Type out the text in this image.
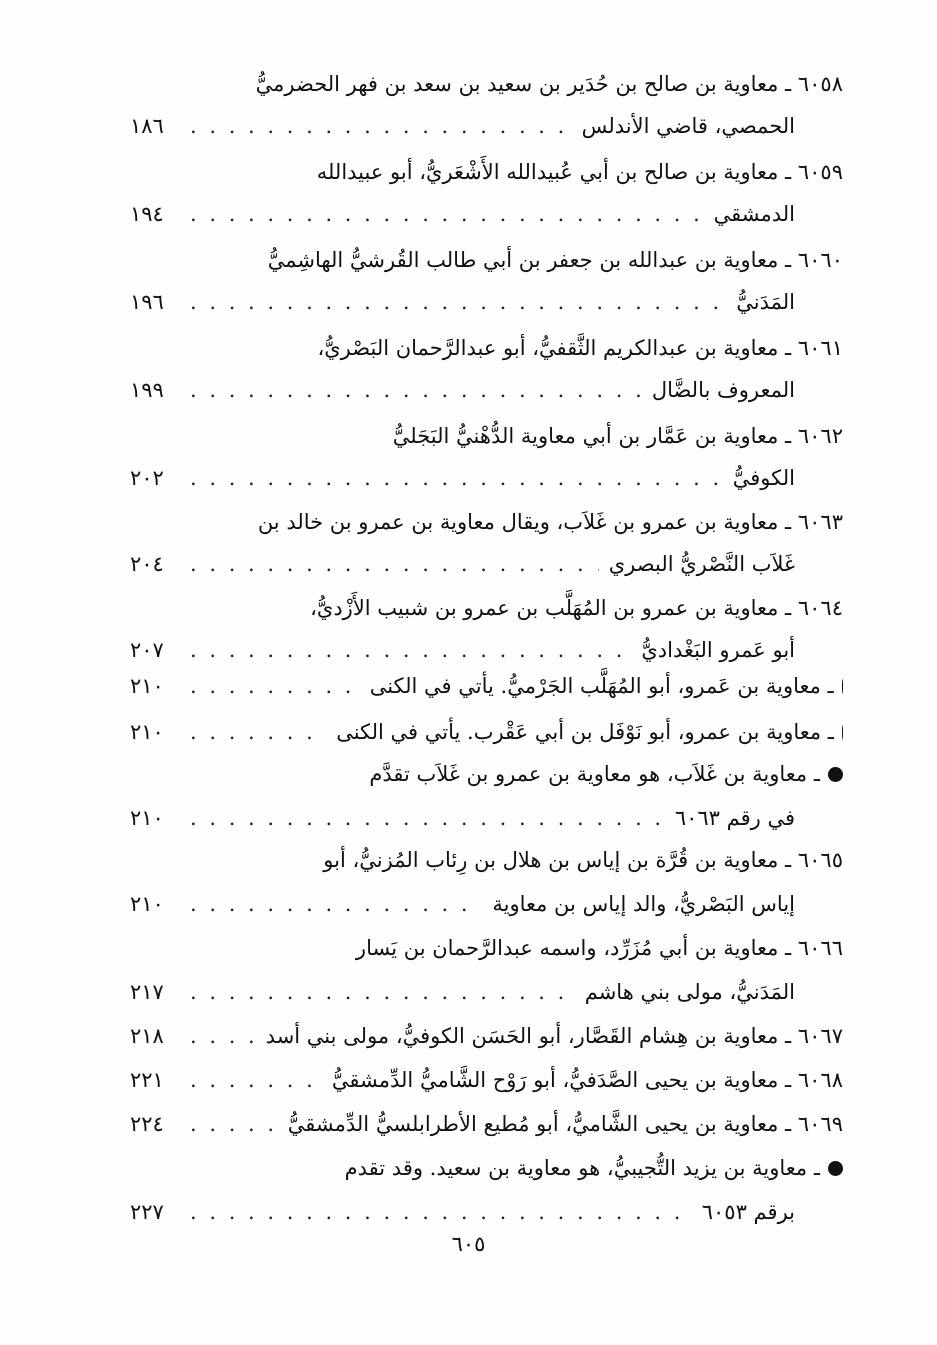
٦٠٥٨ ـ معاوية بن صالح بن حُدَير بن سعيد بن سعد بن فهر الحضرميُّ
الحمصي، قاضي الأندلس
. . .
١٨٦
٦٠٥٩ ـ معاوية بن صالح بن أبي عُبيدالله الأَشْعَريُّ، أبو عبيدالله
الدمشقي
. . .
١٩٤
٦٠٦٠ ـ معاوية بن عبدالله بن جعفر بن أبي طالب القُرشيُّ الهاشِميُّ
المَدَنيُّ
. . .
١٩٦
٦٠٦١ ـ معاوية بن عبدالكريم الثَّقفيُّ، أبو عبدالرَّحمان البَصْريُّ،
المعروف بالضَّال
. . .
١٩٩
٦٠٦٢ ـ معاوية بن عَمَّار بن أبي معاوية الدُّهْنيُّ البَجَليُّ
الكوفيُّ
. . .
٢٠٢
٦٠٦٣ ـ معاوية بن عمرو بن غَلاَب، ويقال معاوية بن عمرو بن خالد بن
غَلاَب النَّصْريُّ البصري
. . .
٢٠٤
٦٠٦٤ ـ معاوية بن عمرو بن المُهَلَّب بن عمرو بن شبيب الأَزْديُّ،
أبو عَمرو البَغْداديُّ
. . .
٢٠٧
ـ معاوية بن عَمرو، أبو المُهَلَّب الجَرْميُّ. يأتي في الكنى
. . .
٢١٠
ـ معاوية بن عمرو، أبو نَوْفَل بن أبي عَقْرب. يأتي في الكنى
. . .
٢١٠
ـ معاوية بن غَلاَب، هو معاوية بن عمرو بن غَلاَب تقدَّم
في رقم ٦٠٦٣
. . .
٢١٠
٦٠٦٥ ـ معاوية بن قُرَّة بن إياس بن هلال بن رِئاب المُزنيُّ، أبو
إياس البَصْريُّ، والد إياس بن معاوية
. . .
٢١٠
٦٠٦٦ ـ معاوية بن أبي مُزَرِّد، واسمه عبدالرَّحمان بن يَسار
المَدَنيُّ، مولى بني هاشم
. . .
٢١٧
٦٠٦٧ ـ معاوية بن هِشام القَصَّار، أبو الحَسَن الكوفيُّ، مولى بني أسد
. . .
٢١٨
٦٠٦٨ ـ معاوية بن يحيى الصَّدَفيُّ، أبو رَوْح الشَّاميُّ الدِّمشقيُّ
. . .
٢٢١
٦٠٦٩ ـ معاوية بن يحيى الشَّاميُّ، أبو مُطيع الأطرابلسيُّ الدِّمشقيُّ
. . .
٢٢٤
ـ معاوية بن يزيد التُّجيبيُّ، هو معاوية بن سعيد. وقد تقدم
برقم ٦٠٥٣
. . .
٢٢٧
٦٠٥
